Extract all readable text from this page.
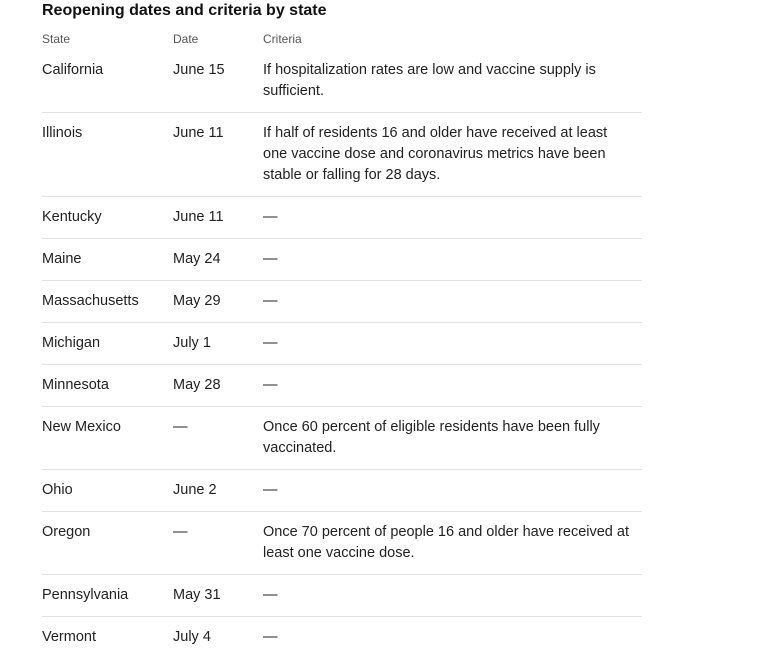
Reopening dates and criteria by state
State	Date	Criteria
California	June 15	If hospitalization rates are low and vaccine supply is sufficient.
Illinois	June 11	If half of residents 16 and older have received at least one vaccine dose and coronavirus metrics have been stable or falling for 28 days.
Kentucky	June 11	—
Maine	May 24	—
Massachusetts	May 29	—
Michigan	July 1	—
Minnesota	May 28	—
New Mexico	—	Once 60 percent of eligible residents have been fully vaccinated.
Ohio	June 2	—
Oregon	—	Once 70 percent of people 16 and older have received at least one vaccine dose.
Pennsylvania	May 31	—
Vermont	July 4	—
